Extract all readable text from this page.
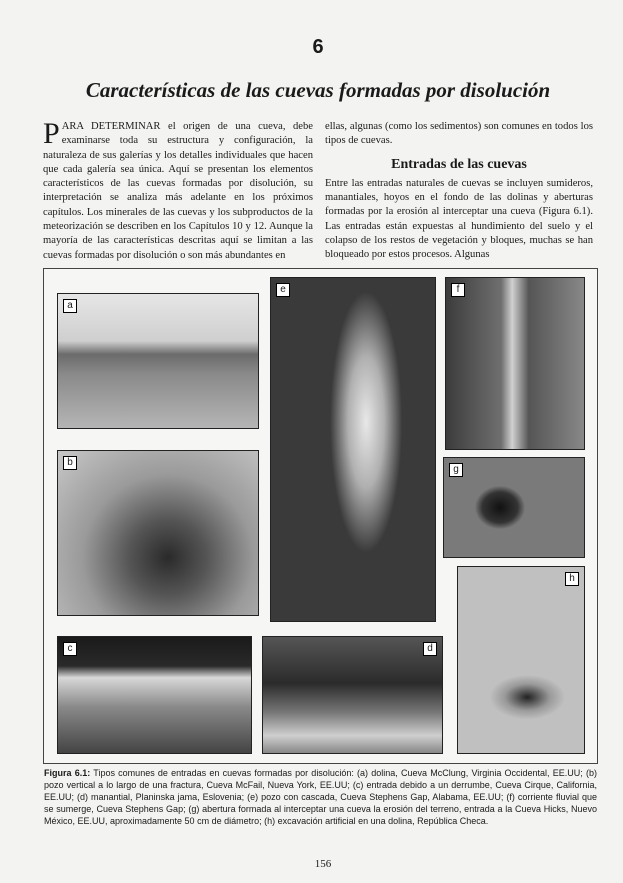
6
Características de las cuevas formadas por disolución
PARA DETERMINAR el origen de una cueva, debe examinarse toda su estructura y configuración, la naturaleza de sus galerías y los detalles individuales que hacen que cada galería sea única. Aquí se presentan los elementos característicos de las cuevas formadas por disolución, su interpretación se analiza más adelante en los próximos capítulos. Los minerales de las cuevas y los subproductos de la meteorización se describen en los Capítulos 10 y 12. Aunque la mayoría de las características descritas aquí se limitan a las cuevas formadas por disolución o son más abundantes en
ellas, algunas (como los sedimentos) son comunes en todos los tipos de cuevas.
Entradas de las cuevas
Entre las entradas naturales de cuevas se incluyen sumideros, manantiales, hoyos en el fondo de las dolinas y aberturas formadas por la erosión al interceptar una cueva (Figura 6.1). Las entradas están expuestas al hundimiento del suelo y el colapso de los restos de vegetación y bloques, muchas se han bloqueado por estos procesos. Algunas
a
b
c	d
e	f
g
h
Figura 6.1: Tipos comunes de entradas en cuevas formadas por disolución: (a) dolina, Cueva McClung, Virginia Occidental, EE.UU; (b) pozo vertical a lo largo de una fractura, Cueva McFail, Nueva York, EE.UU; (c) entrada debido a un derrumbe, Cueva Cirque, California, EE.UU; (d) manantial, Planinska jama, Eslovenia; (e) pozo con cascada, Cueva Stephens Gap, Alabama, EE.UU; (f) corriente fluvial que se sumerge, Cueva Stephens Gap; (g) abertura formada al interceptar una cueva la erosión del terreno, entrada a la Cueva Hicks, Nuevo México, EE.UU, aproximadamente 50 cm de diámetro; (h) excavación artificial en una dolina, República Checa.
156
